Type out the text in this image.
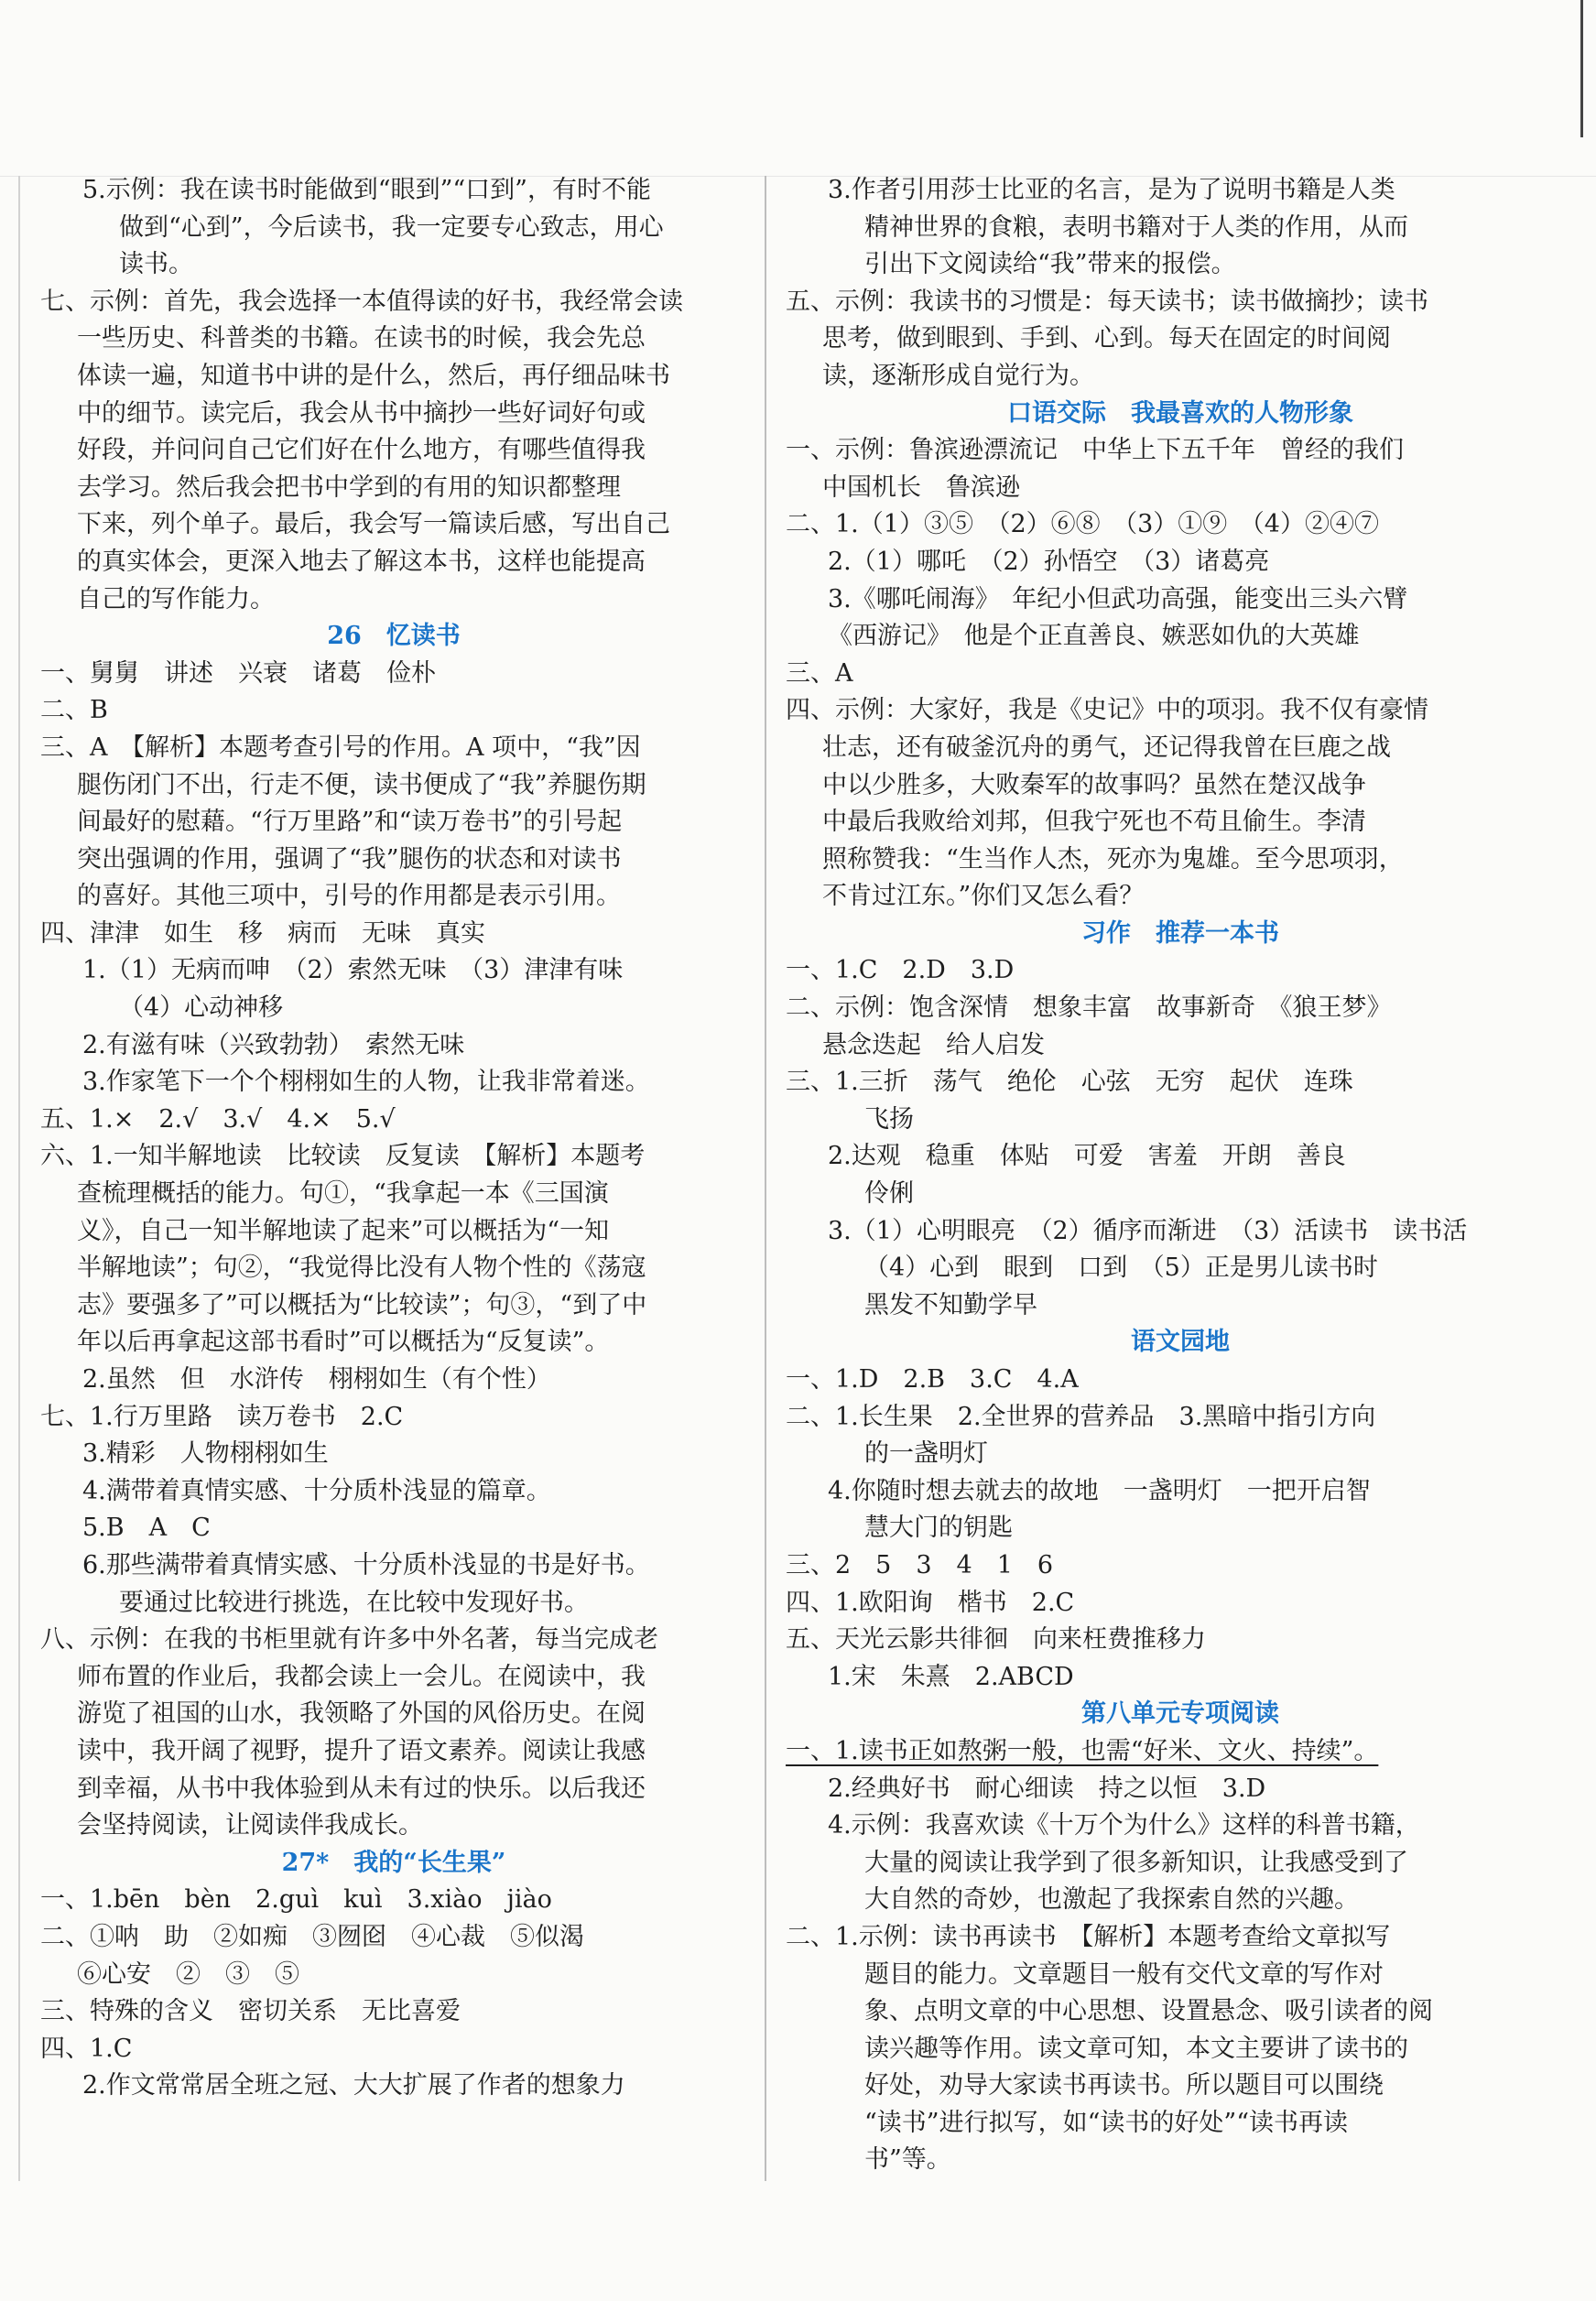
5.示例：我在读书时能做到“眼到”“口到”，有时不能
做到“心到”，今后读书，我一定要专心致志，用心
读书。
七、示例：首先，我会选择一本值得读的好书，我经常会读
一些历史、科普类的书籍。在读书的时候，我会先总
体读一遍，知道书中讲的是什么，然后，再仔细品味书
中的细节。读完后，我会从书中摘抄一些好词好句或
好段，并问问自己它们好在什么地方，有哪些值得我
去学习。然后我会把书中学到的有用的知识都整理
下来，列个单子。最后，我会写一篇读后感，写出自己
的真实体会，更深入地去了解这本书，这样也能提高
自己的写作能力。
26　忆读书
一、舅舅　讲述　兴衰　诸葛　俭朴
二、B
三、A　【解析】本题考查引号的作用。A 项中，“我”因
腿伤闭门不出，行走不便，读书便成了“我”养腿伤期
间最好的慰藉。“行万里路”和“读万卷书”的引号起
突出强调的作用，强调了“我”腿伤的状态和对读书
的喜好。其他三项中，引号的作用都是表示引用。
四、津津　如生　移　病而　无味　真实
1.（1）无病而呻　（2）索然无味　（3）津津有味
（4）心动神移
2.有滋有味（兴致勃勃）　索然无味
3.作家笔下一个个栩栩如生的人物，让我非常着迷。
五、1.×　2.√　3.√　4.×　5.√
六、1.一知半解地读　比较读　反复读　【解析】本题考
查梳理概括的能力。句①，“我拿起一本《三国演
义》，自己一知半解地读了起来”可以概括为“一知
半解地读”；句②，“我觉得比没有人物个性的《荡寇
志》要强多了”可以概括为“比较读”；句③，“到了中
年以后再拿起这部书看时”可以概括为“反复读”。
2.虽然　但　水浒传　栩栩如生（有个性）
七、1.行万里路　读万卷书　2.C
3.精彩　人物栩栩如生
4.满带着真情实感、十分质朴浅显的篇章。
5.B　A　C
6.那些满带着真情实感、十分质朴浅显的书是好书。
要通过比较进行挑选，在比较中发现好书。
八、示例：在我的书柜里就有许多中外名著，每当完成老
师布置的作业后，我都会读上一会儿。在阅读中，我
游览了祖国的山水，我领略了外国的风俗历史。在阅
读中，我开阔了视野，提升了语文素养。阅读让我感
到幸福，从书中我体验到从未有过的快乐。以后我还
会坚持阅读，让阅读伴我成长。
27*　我的“长生果”
一、1.bēn　bèn　2.guì　kuì　3.xiào　jiào
二、①呐　助　②如痴　③囫囵　④心裁　⑤似渴
⑥心安　②　③　⑤
三、特殊的含义　密切关系　无比喜爱
四、1.C
2.作文常常居全班之冠、大大扩展了作者的想象力
3.作者引用莎士比亚的名言，是为了说明书籍是人类
精神世界的食粮，表明书籍对于人类的作用，从而
引出下文阅读给“我”带来的报偿。
五、示例：我读书的习惯是：每天读书；读书做摘抄；读书
思考，做到眼到、手到、心到。每天在固定的时间阅
读，逐渐形成自觉行为。
口语交际　我最喜欢的人物形象
一、示例：鲁滨逊漂流记　中华上下五千年　曾经的我们
中国机长　鲁滨逊
二、1.（1）③⑤　（2）⑥⑧　（3）①⑨　（4）②④⑦
2.（1）哪吒　（2）孙悟空　（3）诸葛亮
3.《哪吒闹海》　年纪小但武功高强，能变出三头六臂
《西游记》　他是个正直善良、嫉恶如仇的大英雄
三、A
四、示例：大家好，我是《史记》中的项羽。我不仅有豪情
壮志，还有破釜沉舟的勇气，还记得我曾在巨鹿之战
中以少胜多，大败秦军的故事吗？虽然在楚汉战争
中最后我败给刘邦，但我宁死也不苟且偷生。李清
照称赞我：“生当作人杰，死亦为鬼雄。至今思项羽，
不肯过江东。”你们又怎么看？
习作　推荐一本书
一、1.C　2.D　3.D
二、示例：饱含深情　想象丰富　故事新奇　《狼王梦》
悬念迭起　给人启发
三、1.三折　荡气　绝伦　心弦　无穷　起伏　连珠
飞扬
2.达观　稳重　体贴　可爱　害羞　开朗　善良
伶俐
3.（1）心明眼亮　（2）循序而渐进　（3）活读书　读书活
（4）心到　眼到　口到　（5）正是男儿读书时
黑发不知勤学早
语文园地
一、1.D　2.B　3.C　4.A
二、1.长生果　2.全世界的营养品　3.黑暗中指引方向
的一盏明灯
4.你随时想去就去的故地　一盏明灯　一把开启智
慧大门的钥匙
三、2　5　3　4　1　6
四、1.欧阳询　楷书　2.C
五、天光云影共徘徊　向来枉费推移力
1.宋　朱熹　2.ABCD
第八单元专项阅读
一、1.读书正如熬粥一般，也需“好米、文火、持续”。
2.经典好书　耐心细读　持之以恒　3.D
4.示例：我喜欢读《十万个为什么》这样的科普书籍，
大量的阅读让我学到了很多新知识，让我感受到了
大自然的奇妙，也激起了我探索自然的兴趣。
二、1.示例：读书再读书　【解析】本题考查给文章拟写
题目的能力。文章题目一般有交代文章的写作对
象、点明文章的中心思想、设置悬念、吸引读者的阅
读兴趣等作用。读文章可知，本文主要讲了读书的
好处，劝导大家读书再读书。所以题目可以围绕
“读书”进行拟写，如“读书的好处”“读书再读
书”等。
